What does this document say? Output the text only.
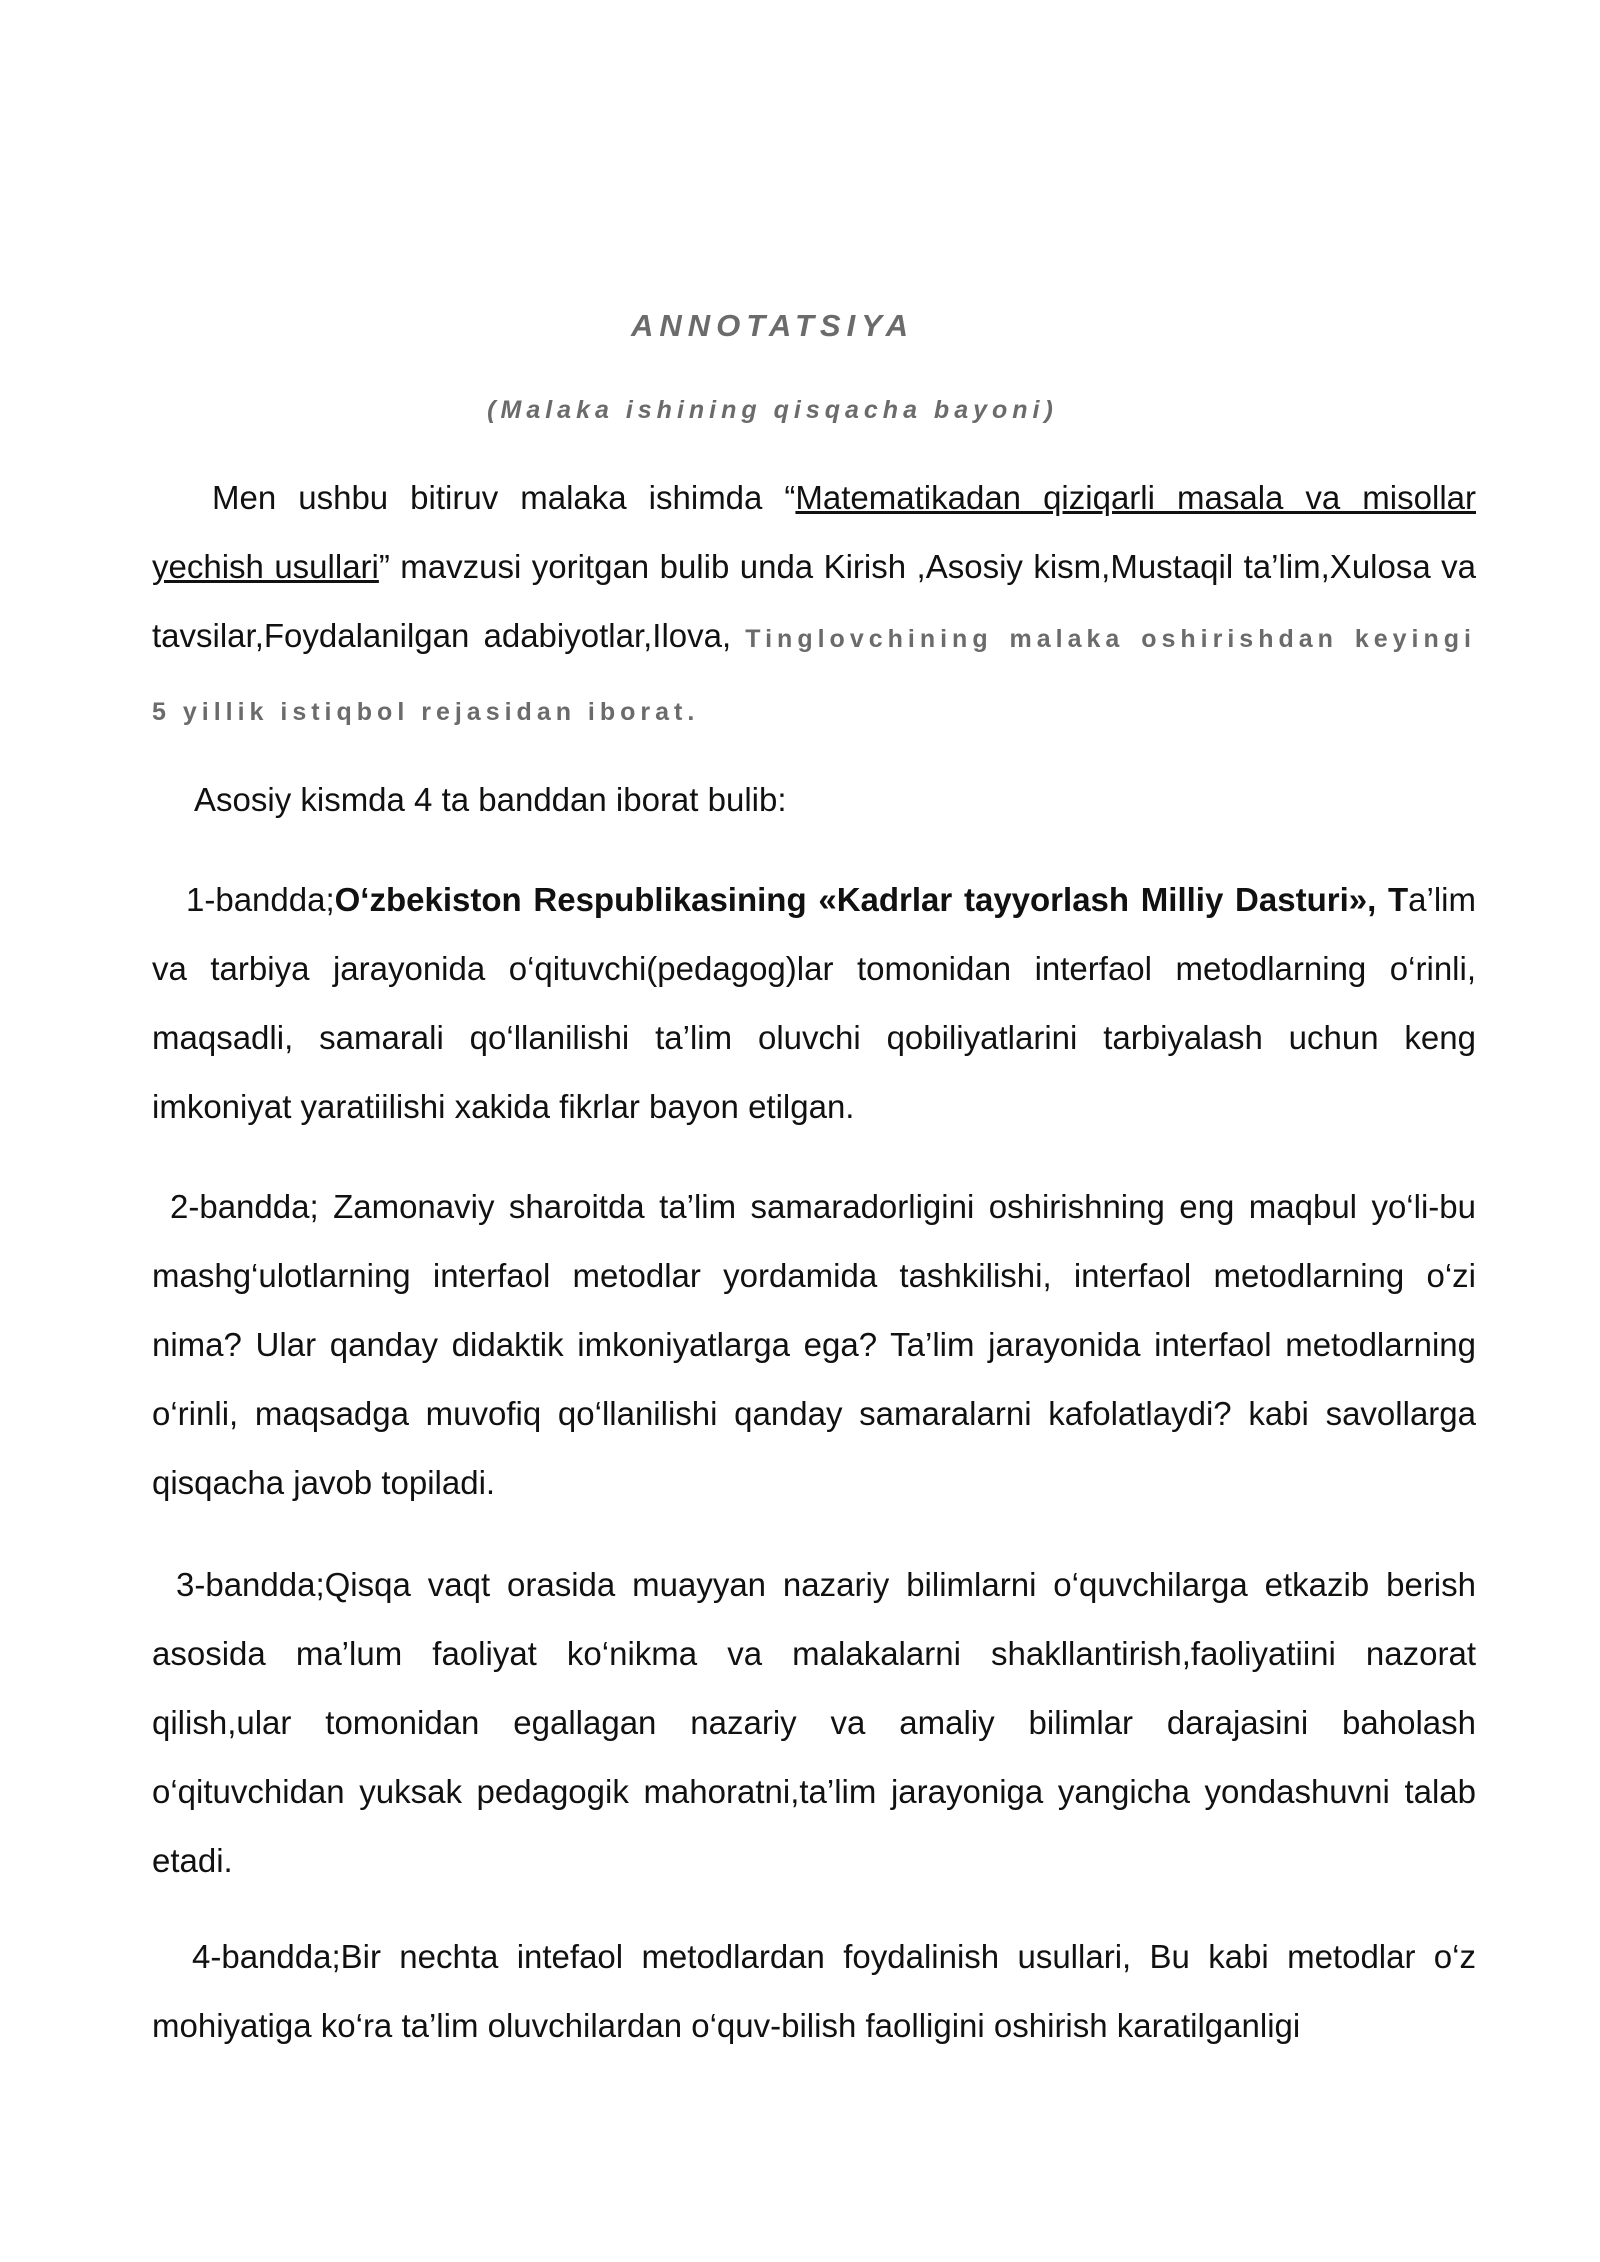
ANNOTATSIYA
(Malaka ishining qisqacha bayoni)

Men ushbu bitiruv malaka ishimda “Matematikadan qiziqarli masala va misollar yechish usullari” mavzusi yoritgan bulib unda Kirish ,Asosiy kism,Mustaqil ta’lim,Xulosa va tavsilar,Foydalanilgan adabiyotlar,Ilova, Tinglovchining malaka oshirishdan keyingi 5 yillik istiqbol rejasidan iborat.

Asosiy kismda 4 ta banddan iborat bulib:

1-bandda;O‘zbekiston Respublikasining «Kadrlar tayyorlash Milliy Dasturi», Ta’lim va tarbiya jarayonida o‘qituvchi(pedagog)lar tomonidan interfaol metodlarning o‘rinli, maqsadli, samarali qo‘llanilishi ta’lim oluvchi qobiliyatlarini tarbiyalash uchun keng imkoniyat yaratiilishi xakida fikrlar bayon etilgan.

2-bandda; Zamonaviy sharoitda ta’lim samaradorligini oshirishning eng maqbul yo‘li-bu mashg‘ulotlarning interfaol metodlar yordamida tashkilishi, interfaol metodlarning o‘zi nima? Ular qanday didaktik imkoniyatlarga ega? Ta’lim jarayonida interfaol metodlarning o‘rinli, maqsadga muvofiq qo‘llanilishi qanday samaralarni kafolatlaydi? kabi savollarga qisqacha javob topiladi.

3-bandda;Qisqa vaqt orasida muayyan nazariy bilimlarni o‘quvchilarga etkazib berish asosida ma’lum faoliyat ko‘nikma va malakalarni shakllantirish,faoliyatiini nazorat qilish,ular tomonidan egallagan nazariy va amaliy bilimlar darajasini baholash o‘qituvchidan yuksak pedagogik mahoratni,ta’lim jarayoniga yangicha yondashuvni talab etadi.

4-bandda;Bir nechta intefaol metodlardan foydalinish usullari, Bu kabi metodlar o‘z mohiyatiga ko‘ra ta’lim oluvchilardan o‘quv-bilish faolligini oshirish karatilganligi
